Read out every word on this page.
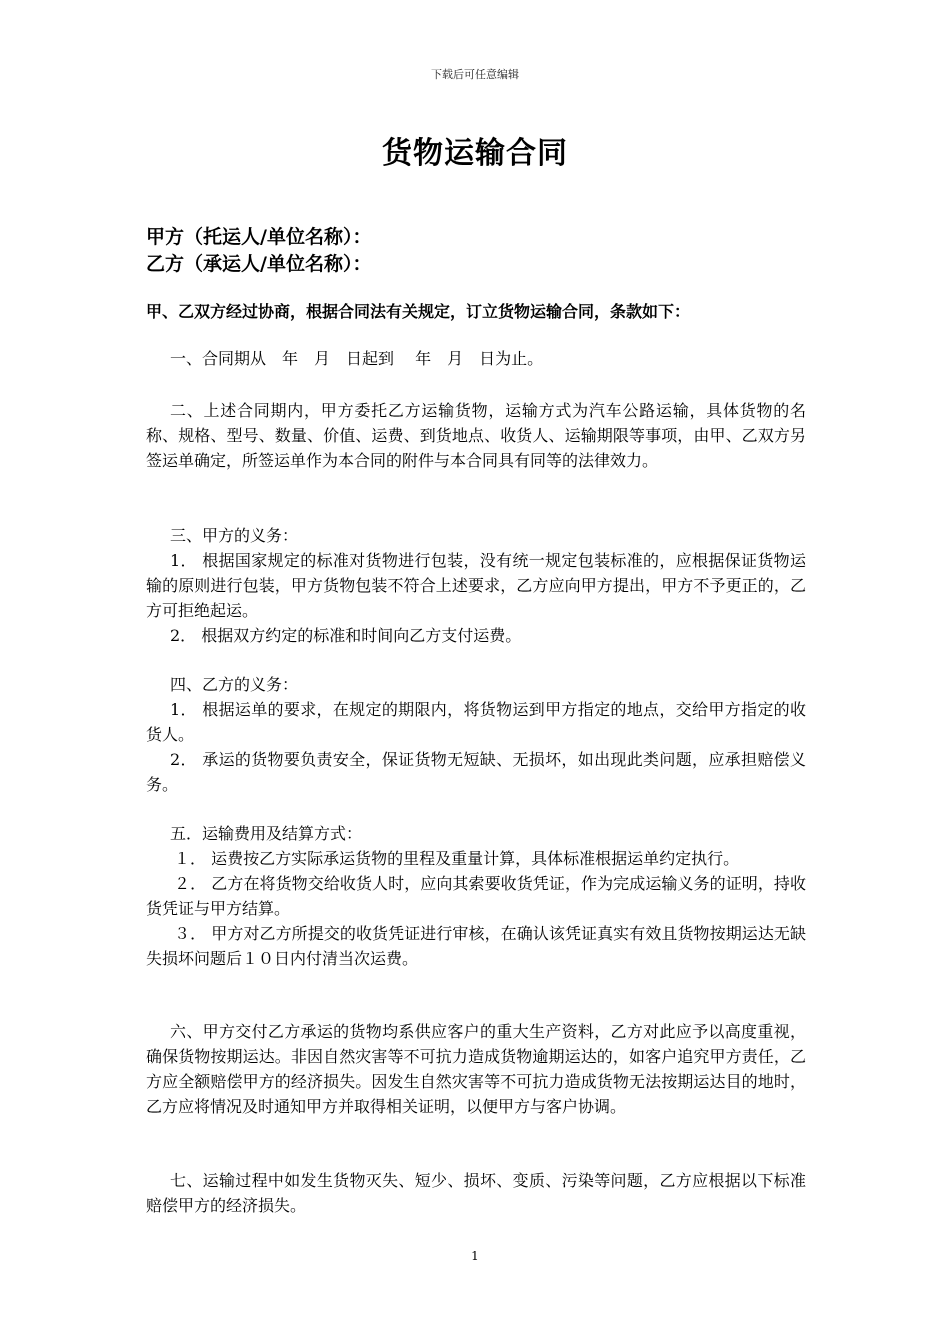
下载后可任意编辑
货物运输合同
甲方（托运人/单位名称）：
乙方（承运人/单位名称）：
甲、乙双方经过协商，根据合同法有关规定，订立货物运输合同，条款如下：

一、合同期从　年　月　日起到　 年　月　日为止。

二、上述合同期内，甲方委托乙方运输货物，运输方式为汽车公路运输，具体货物的名称、规格、型号、数量、价值、运费、到货地点、收货人、运输期限等事项，由甲、乙双方另签运单确定，所签运单作为本合同的附件与本合同具有同等的法律效力。

三、甲方的义务：

1． 根据国家规定的标准对货物进行包装，没有统一规定包装标准的，应根据保证货物运输的原则进行包装，甲方货物包装不符合上述要求，乙方应向甲方提出，甲方不予更正的，乙方可拒绝起运。

2． 根据双方约定的标准和时间向乙方支付运费。

四、乙方的义务：

1． 根据运单的要求，在规定的期限内，将货物运到甲方指定的地点，交给甲方指定的收货人。

2． 承运的货物要负责安全，保证货物无短缺、无损坏，如出现此类问题，应承担赔偿义务。

五．运输费用及结算方式：

１． 运费按乙方实际承运货物的里程及重量计算，具体标准根据运单约定执行。

２． 乙方在将货物交给收货人时，应向其索要收货凭证，作为完成运输义务的证明，持收货凭证与甲方结算。

３． 甲方对乙方所提交的收货凭证进行审核，在确认该凭证真实有效且货物按期运达无缺失损坏问题后１０日内付清当次运费。

六、甲方交付乙方承运的货物均系供应客户的重大生产资料，乙方对此应予以高度重视，确保货物按期运达。非因自然灾害等不可抗力造成货物逾期运达的，如客户追究甲方责任，乙方应全额赔偿甲方的经济损失。因发生自然灾害等不可抗力造成货物无法按期运达目的地时，乙方应将情况及时通知甲方并取得相关证明，以便甲方与客户协调。

七、运输过程中如发生货物灭失、短少、损坏、变质、污染等问题，乙方应根据以下标准赔偿甲方的经济损失。

1
